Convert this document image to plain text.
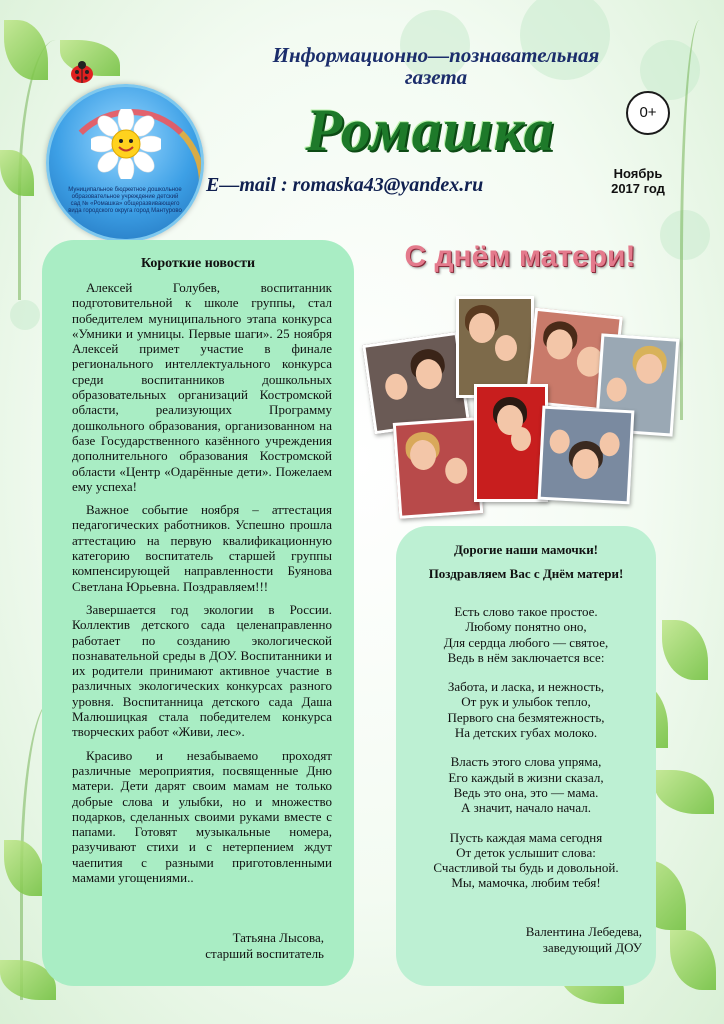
Муниципальное бюджетное дошкольное образовательное учреждение детский сад № «Ромашка» общеразвивающего вида городского округа город Мантурово
Информационно—познавательная
газета
Ромашка
E—mail : romaska43@yandex.ru
0+
Ноябрь
2017 год
Короткие новости

Алексей Голубев, воспитанник подготовительной к школе группы, стал победителем муниципального этапа конкурса «Умники и умницы. Первые шаги». 25 ноября Алексей примет участие в финале регионального интеллектуального конкурса среди воспитанников дошкольных образовательных организаций Костромской области, реализующих Программу дошкольного образования, организованном на базе Государственного казённого учреждения дополнительного образования Костромской области «Центр «Одарённые дети». Пожелаем ему успеха!

Важное событие ноября – аттестация педагогических работников. Успешно прошла аттестацию на первую квалификационную категорию воспитатель старшей группы компенсирующей направленности Буянова Светлана Юрьевна. Поздравляем!!!

Завершается год экологии в России. Коллектив детского сада целенаправленно работает по созданию экологической познавательной среды в ДОУ. Воспитанники и их родители принимают активное участие в различных экологических конкурсах разного уровня. Воспитанница детского сада Даша Малюшицкая стала победителем конкурса творческих работ «Живи, лес».

Красиво и незабываемо проходят различные мероприятия, посвященные Дню матери. Дети дарят своим мамам не только добрые слова и улыбки, но и множество подарков, сделанных своими руками вместе с папами. Готовят музыкальные номера, разучивают стихи и с нетерпением ждут чаепития с разными приготовленными мамами угощениями..

Татьяна Лысова,
старший воспитатель
С днём матери!
Дорогие наши мамочки!
Поздравляем Вас с Днём матери!
Есть слово такое простое.
Любому понятно оно,
Для сердца любого — святое,
Ведь в нём заключается все:
Забота, и ласка, и нежность,
От рук и улыбок тепло,
Первого сна безмятежность,
На детских губах молоко.
Власть этого слова упряма,
Его каждый в жизни сказал,
Ведь это она, это — мама.
А значит, начало начал.
Пусть каждая мама сегодня
От деток услышит слова:
Счастливой ты будь и довольной.
Мы, мамочка, любим тебя!
Валентина Лебедева,
заведующий ДОУ
